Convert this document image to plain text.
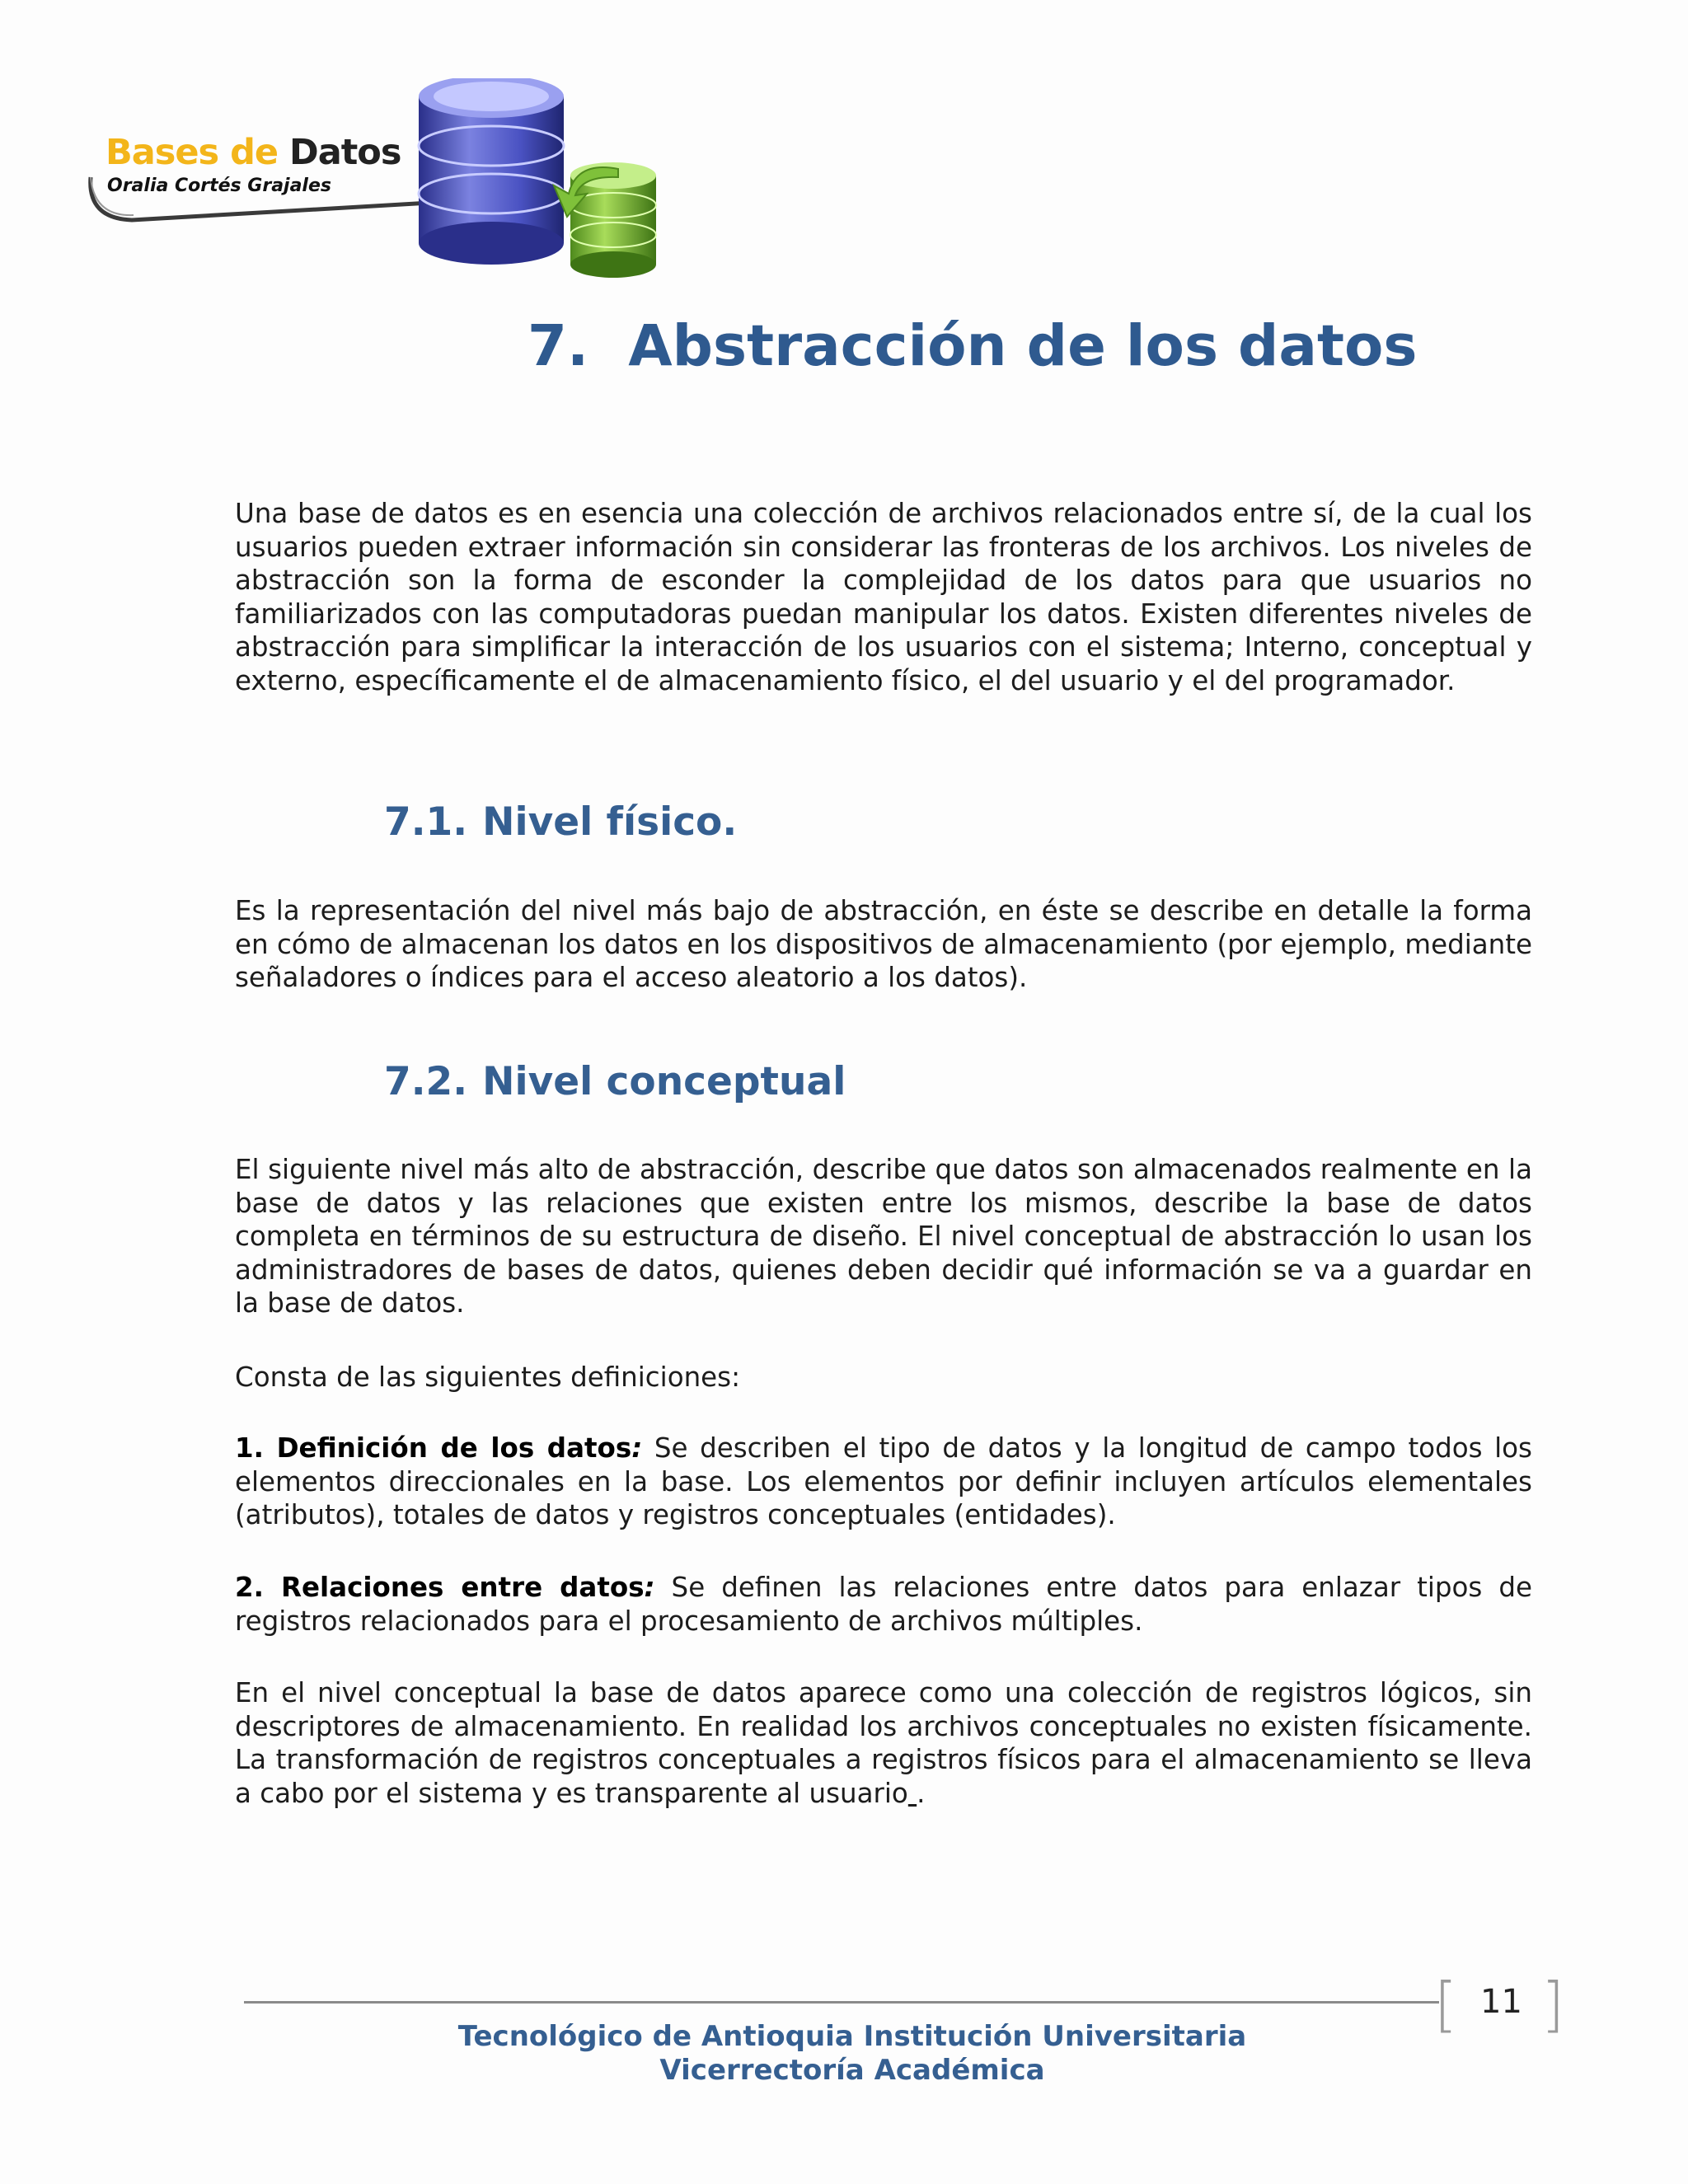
Bases de Datos
Oralia Cortés Grajales
7. Abstracción de los datos

Una base de datos es en esencia una colección de archivos relacionados entre sí, de la cual los usuarios pueden extraer información sin considerar las fronteras de los archivos. Los niveles de abstracción son la forma de esconder la complejidad de los datos para que usuarios no familiarizados con las computadoras puedan manipular los datos. Existen diferentes niveles de abstracción para simplificar la interacción de los usuarios con el sistema; Interno, conceptual y externo, específicamente el de almacenamiento físico, el del usuario y el del programador.

7.1. Nivel físico.

Es la representación del nivel más bajo de abstracción, en éste se describe en detalle la forma en cómo de almacenan los datos en los dispositivos de almacenamiento (por ejemplo, mediante señaladores o índices para el acceso aleatorio a los datos).

7.2. Nivel conceptual

El siguiente nivel más alto de abstracción, describe que datos son almacenados realmente en la base de datos y las relaciones que existen entre los mismos, describe la base de datos completa en términos de su estructura de diseño. El nivel conceptual de abstracción lo usan los administradores de bases de datos, quienes deben decidir qué información se va a guardar en la base de datos.

Consta de las siguientes definiciones:

1. Definición de los datos: Se describen el tipo de datos y la longitud de campo todos los elementos direccionales en la base. Los elementos por definir incluyen artículos elementales (atributos), totales de datos y registros conceptuales (entidades).

2. Relaciones entre datos: Se definen las relaciones entre datos para enlazar tipos de registros relacionados para el procesamiento de archivos múltiples.

En el nivel conceptual la base de datos aparece como una colección de registros lógicos, sin descriptores de almacenamiento. En realidad los archivos conceptuales no existen físicamente. La transformación de registros conceptuales a registros físicos para el almacenamiento se lleva a cabo por el sistema y es transparente al usuario .

[ 11 ]

Tecnológico de Antioquia Institución Universitaria

Vicerrectoría Académica
